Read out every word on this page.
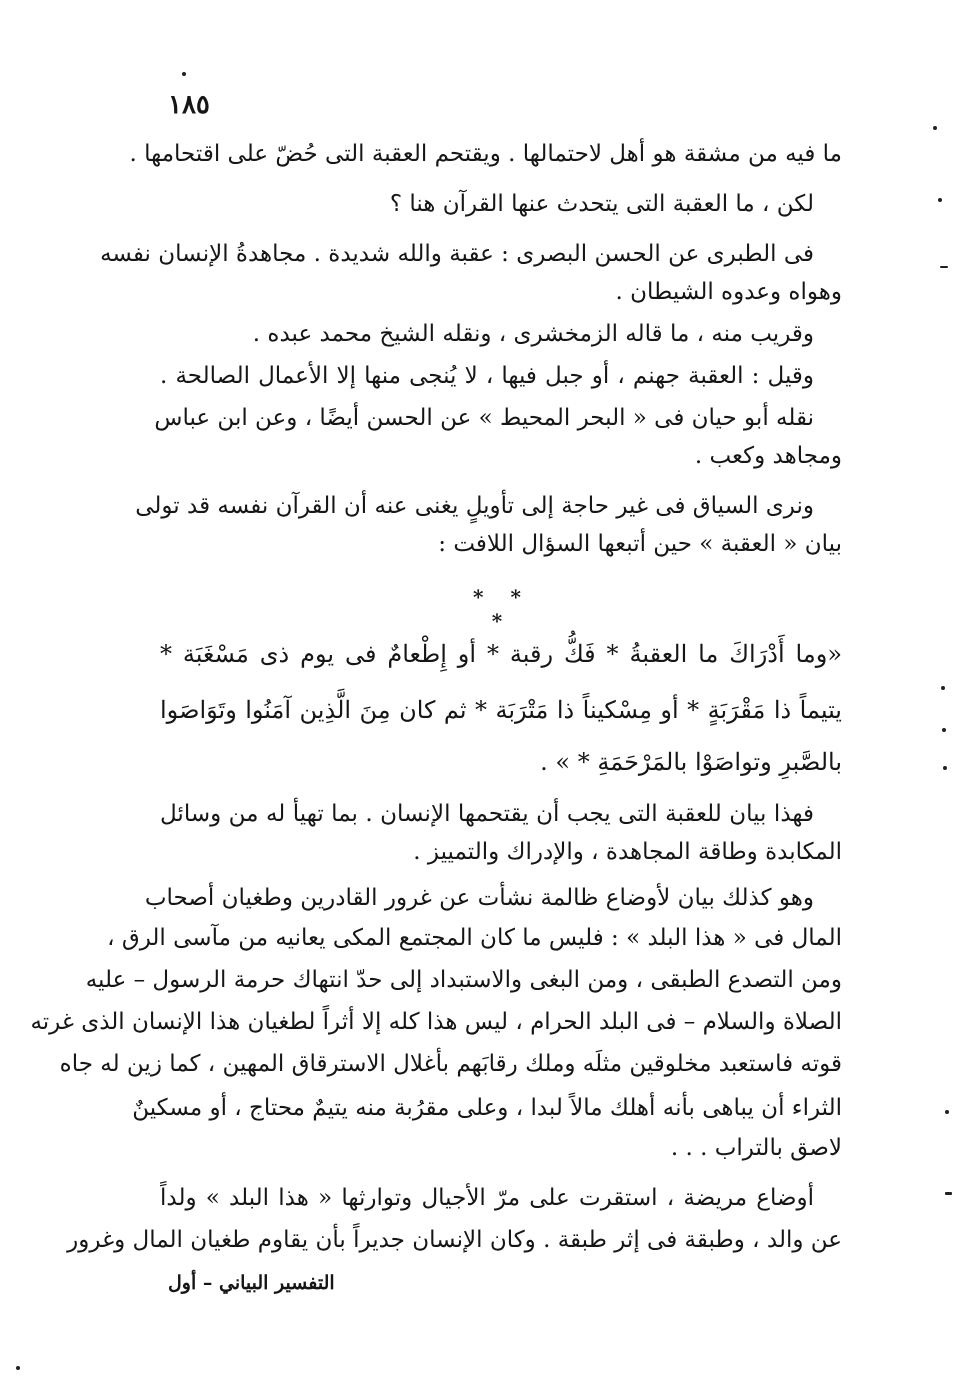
١٨٥
ما فيه من مشقة هو أهل لاحتمالها . ويقتحم العقبة التى حُضّ على اقتحامها .
لكن ، ما العقبة التى يتحدث عنها القرآن هنا ؟
فى الطبرى عن الحسن البصرى : عقبة والله شديدة . مجاهدةُ الإنسان نفسه
وهواه وعدوه الشيطان .
وقريب منه ، ما قاله الزمخشرى ، ونقله الشيخ محمد عبده .
وقيل : العقبة جهنم ، أو جبل فيها ، لا يُنجى منها إلا الأعمال الصالحة .
نقله أبو حيان فى « البحر المحيط » عن الحسن أيضًا ، وعن ابن عباس
ومجاهد وكعب .
ونرى السياق فى غير حاجة إلى تأويلٍ يغنى عنه أن القرآن نفسه قد تولى
بيان « العقبة » حين أتبعها السؤال اللافت :
* * *
«وما أَدْرَاكَ ما العقبةُ * فَكُّ رقبة * أو إِطْعامٌ فى يوم ذى مَسْغَبَة *
يتيماً ذا مَقْرَبَةٍ * أو مِسْكيناً ذا مَتْرَبَة * ثم كان مِنَ الَّذِين آمَنُوا وتَوَاصَوا
بالصَّبرِ وتواصَوْا بالمَرْحَمَةِ * » .
فهذا بيان للعقبة التى يجب أن يقتحمها الإنسان . بما تهيأ له من وسائل
المكابدة وطاقة المجاهدة ، والإدراك والتمييز .
وهو كذلك بيان لأوضاع ظالمة نشأت عن غرور القادرين وطغيان أصحاب
المال فى « هذا البلد » : فليس ما كان المجتمع المكى يعانيه من مآسى الرق ،
ومن التصدع الطبقى ، ومن البغى والاستبداد إلى حدّ انتهاك حرمة الرسول – عليه
الصلاة والسلام – فى البلد الحرام ، ليس هذا كله إلا أثراً لطغيان هذا الإنسان الذى غرته
قوته فاستعبد مخلوقين مثلَه وملك رقابَهم بأغلال الاسترقاق المهين ، كما زين له جاه
الثراء أن يباهى بأنه أهلك مالاً لبدا ، وعلى مقرُبة منه يتيمٌ محتاج ، أو مسكينٌ
لاصق بالتراب . . .
أوضاع مريضة ، استقرت على مرّ الأجيال وتوارثها « هذا البلد » ولداً
عن والد ، وطبقة فى إثر طبقة . وكان الإنسان جديراً بأن يقاوم طغيان المال وغرور
التفسير البياني – أول
